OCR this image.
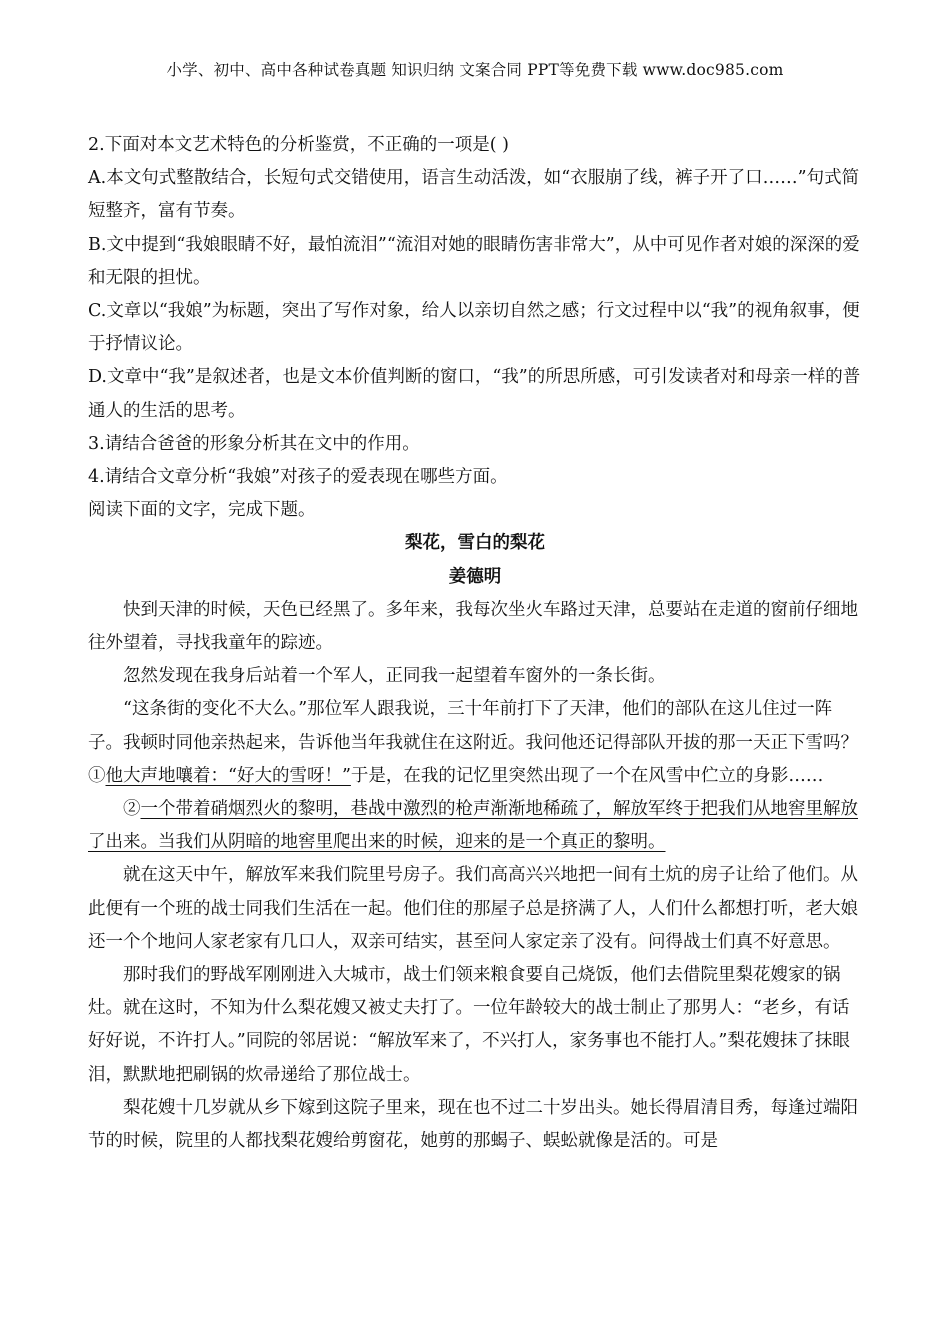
小学、初中、高中各种试卷真题 知识归纳 文案合同 PPT等免费下载 www.doc985.com

2.下面对本文艺术特色的分析鉴赏，不正确的一项是( )

A.本文句式整散结合，长短句式交错使用，语言生动活泼，如“衣服崩了线，裤子开了口……”句式简短整齐，富有节奏。

B.文中提到“我娘眼睛不好，最怕流泪”“流泪对她的眼睛伤害非常大”，从中可见作者对娘的深深的爱和无限的担忧。

C.文章以“我娘”为标题，突出了写作对象，给人以亲切自然之感；行文过程中以“我”的视角叙事，便于抒情议论。

D.文章中“我”是叙述者，也是文本价值判断的窗口，“我”的所思所感，可引发读者对和母亲一样的普通人的生活的思考。

3.请结合爸爸的形象分析其在文中的作用。

4.请结合文章分析“我娘”对孩子的爱表现在哪些方面。

阅读下面的文字，完成下题。

梨花，雪白的梨花

姜德明

快到天津的时候，天色已经黑了。多年来，我每次坐火车路过天津，总要站在走道的窗前仔细地往外望着，寻找我童年的踪迹。

忽然发现在我身后站着一个军人，正同我一起望着车窗外的一条长街。

“这条街的变化不大么。”那位军人跟我说，三十年前打下了天津，他们的部队在这儿住过一阵子。我顿时同他亲热起来，告诉他当年我就住在这附近。我问他还记得部队开拔的那一天正下雪吗？①他大声地嚷着：“好大的雪呀！”于是，在我的记忆里突然出现了一个在风雪中伫立的身影……

②一个带着硝烟烈火的黎明，巷战中激烈的枪声渐渐地稀疏了，解放军终于把我们从地窖里解放了出来。当我们从阴暗的地窖里爬出来的时候，迎来的是一个真正的黎明。

就在这天中午，解放军来我们院里号房子。我们高高兴兴地把一间有土炕的房子让给了他们。从此便有一个班的战士同我们生活在一起。他们住的那屋子总是挤满了人，人们什么都想打听，老大娘还一个个地问人家老家有几口人，双亲可结实，甚至问人家定亲了没有。问得战士们真不好意思。

那时我们的野战军刚刚进入大城市，战士们领来粮食要自己烧饭，他们去借院里梨花嫂家的锅灶。就在这时，不知为什么梨花嫂又被丈夫打了。一位年龄较大的战士制止了那男人：“老乡，有话好好说，不许打人。”同院的邻居说：“解放军来了，不兴打人，家务事也不能打人。”梨花嫂抹了抹眼泪，默默地把刷锅的炊帚递给了那位战士。

梨花嫂十几岁就从乡下嫁到这院子里来，现在也不过二十岁出头。她长得眉清目秀，每逢过端阳节的时候，院里的人都找梨花嫂给剪窗花，她剪的那蝎子、蜈蚣就像是活的。可是
